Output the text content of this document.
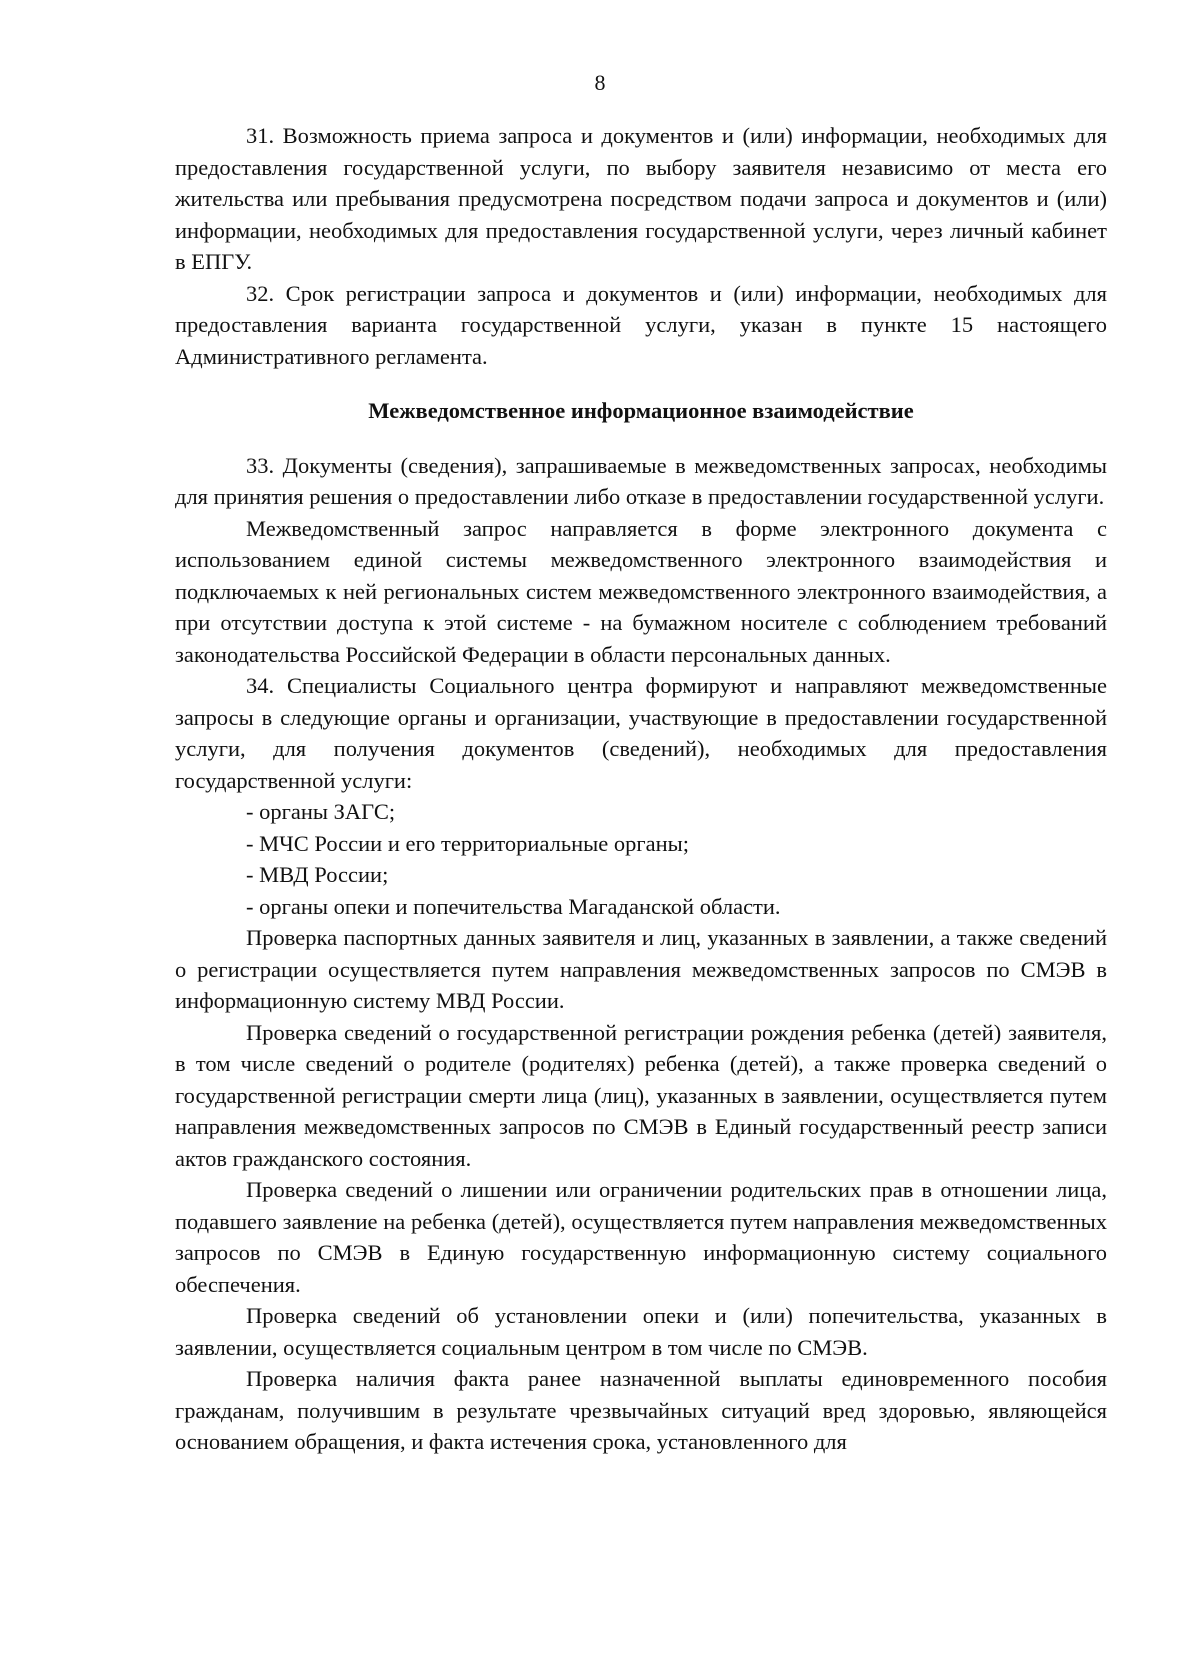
8

31. Возможность приема запроса и документов и (или) информации, необходимых для предоставления государственной услуги, по выбору заявителя независимо от места его жительства или пребывания предусмотрена посредством подачи запроса и документов и (или) информации, необходимых для предоставления государственной услуги, через личный кабинет в ЕПГУ.

32. Срок регистрации запроса и документов и (или) информации, необходимых для предоставления варианта государственной услуги, указан в пункте 15 настоящего Административного регламента.

Межведомственное информационное взаимодействие

33. Документы (сведения), запрашиваемые в межведомственных запросах, необходимы для принятия решения о предоставлении либо отказе в предоставлении государственной услуги.

Межведомственный запрос направляется в форме электронного документа с использованием единой системы межведомственного электронного взаимодействия и подключаемых к ней региональных систем межведомственного электронного взаимодействия, а при отсутствии доступа к этой системе - на бумажном носителе с соблюдением требований законодательства Российской Федерации в области персональных данных.

34. Специалисты Социального центра формируют и направляют межведомственные запросы в следующие органы и организации, участвующие в предоставлении государственной услуги, для получения документов (сведений), необходимых для предоставления государственной услуги:

- органы ЗАГС;

- МЧС России и его территориальные органы;

- МВД России;

- органы опеки и попечительства Магаданской области.

Проверка паспортных данных заявителя и лиц, указанных в заявлении, а также сведений о регистрации осуществляется путем направления межведомственных запросов по СМЭВ в информационную систему МВД России.

Проверка сведений о государственной регистрации рождения ребенка (детей) заявителя, в том числе сведений о родителе (родителях) ребенка (детей), а также проверка сведений о государственной регистрации смерти лица (лиц), указанных в заявлении, осуществляется путем направления межведомственных запросов по СМЭВ в Единый государственный реестр записи актов гражданского состояния.

Проверка сведений о лишении или ограничении родительских прав в отношении лица, подавшего заявление на ребенка (детей), осуществляется путем направления межведомственных запросов по СМЭВ в Единую государственную информационную систему социального обеспечения.

Проверка сведений об установлении опеки и (или) попечительства, указанных в заявлении, осуществляется социальным центром в том числе по СМЭВ.

Проверка наличия факта ранее назначенной выплаты единовременного пособия гражданам, получившим в результате чрезвычайных ситуаций вред здоровью, являющейся основанием обращения, и факта истечения срока, установленного для
